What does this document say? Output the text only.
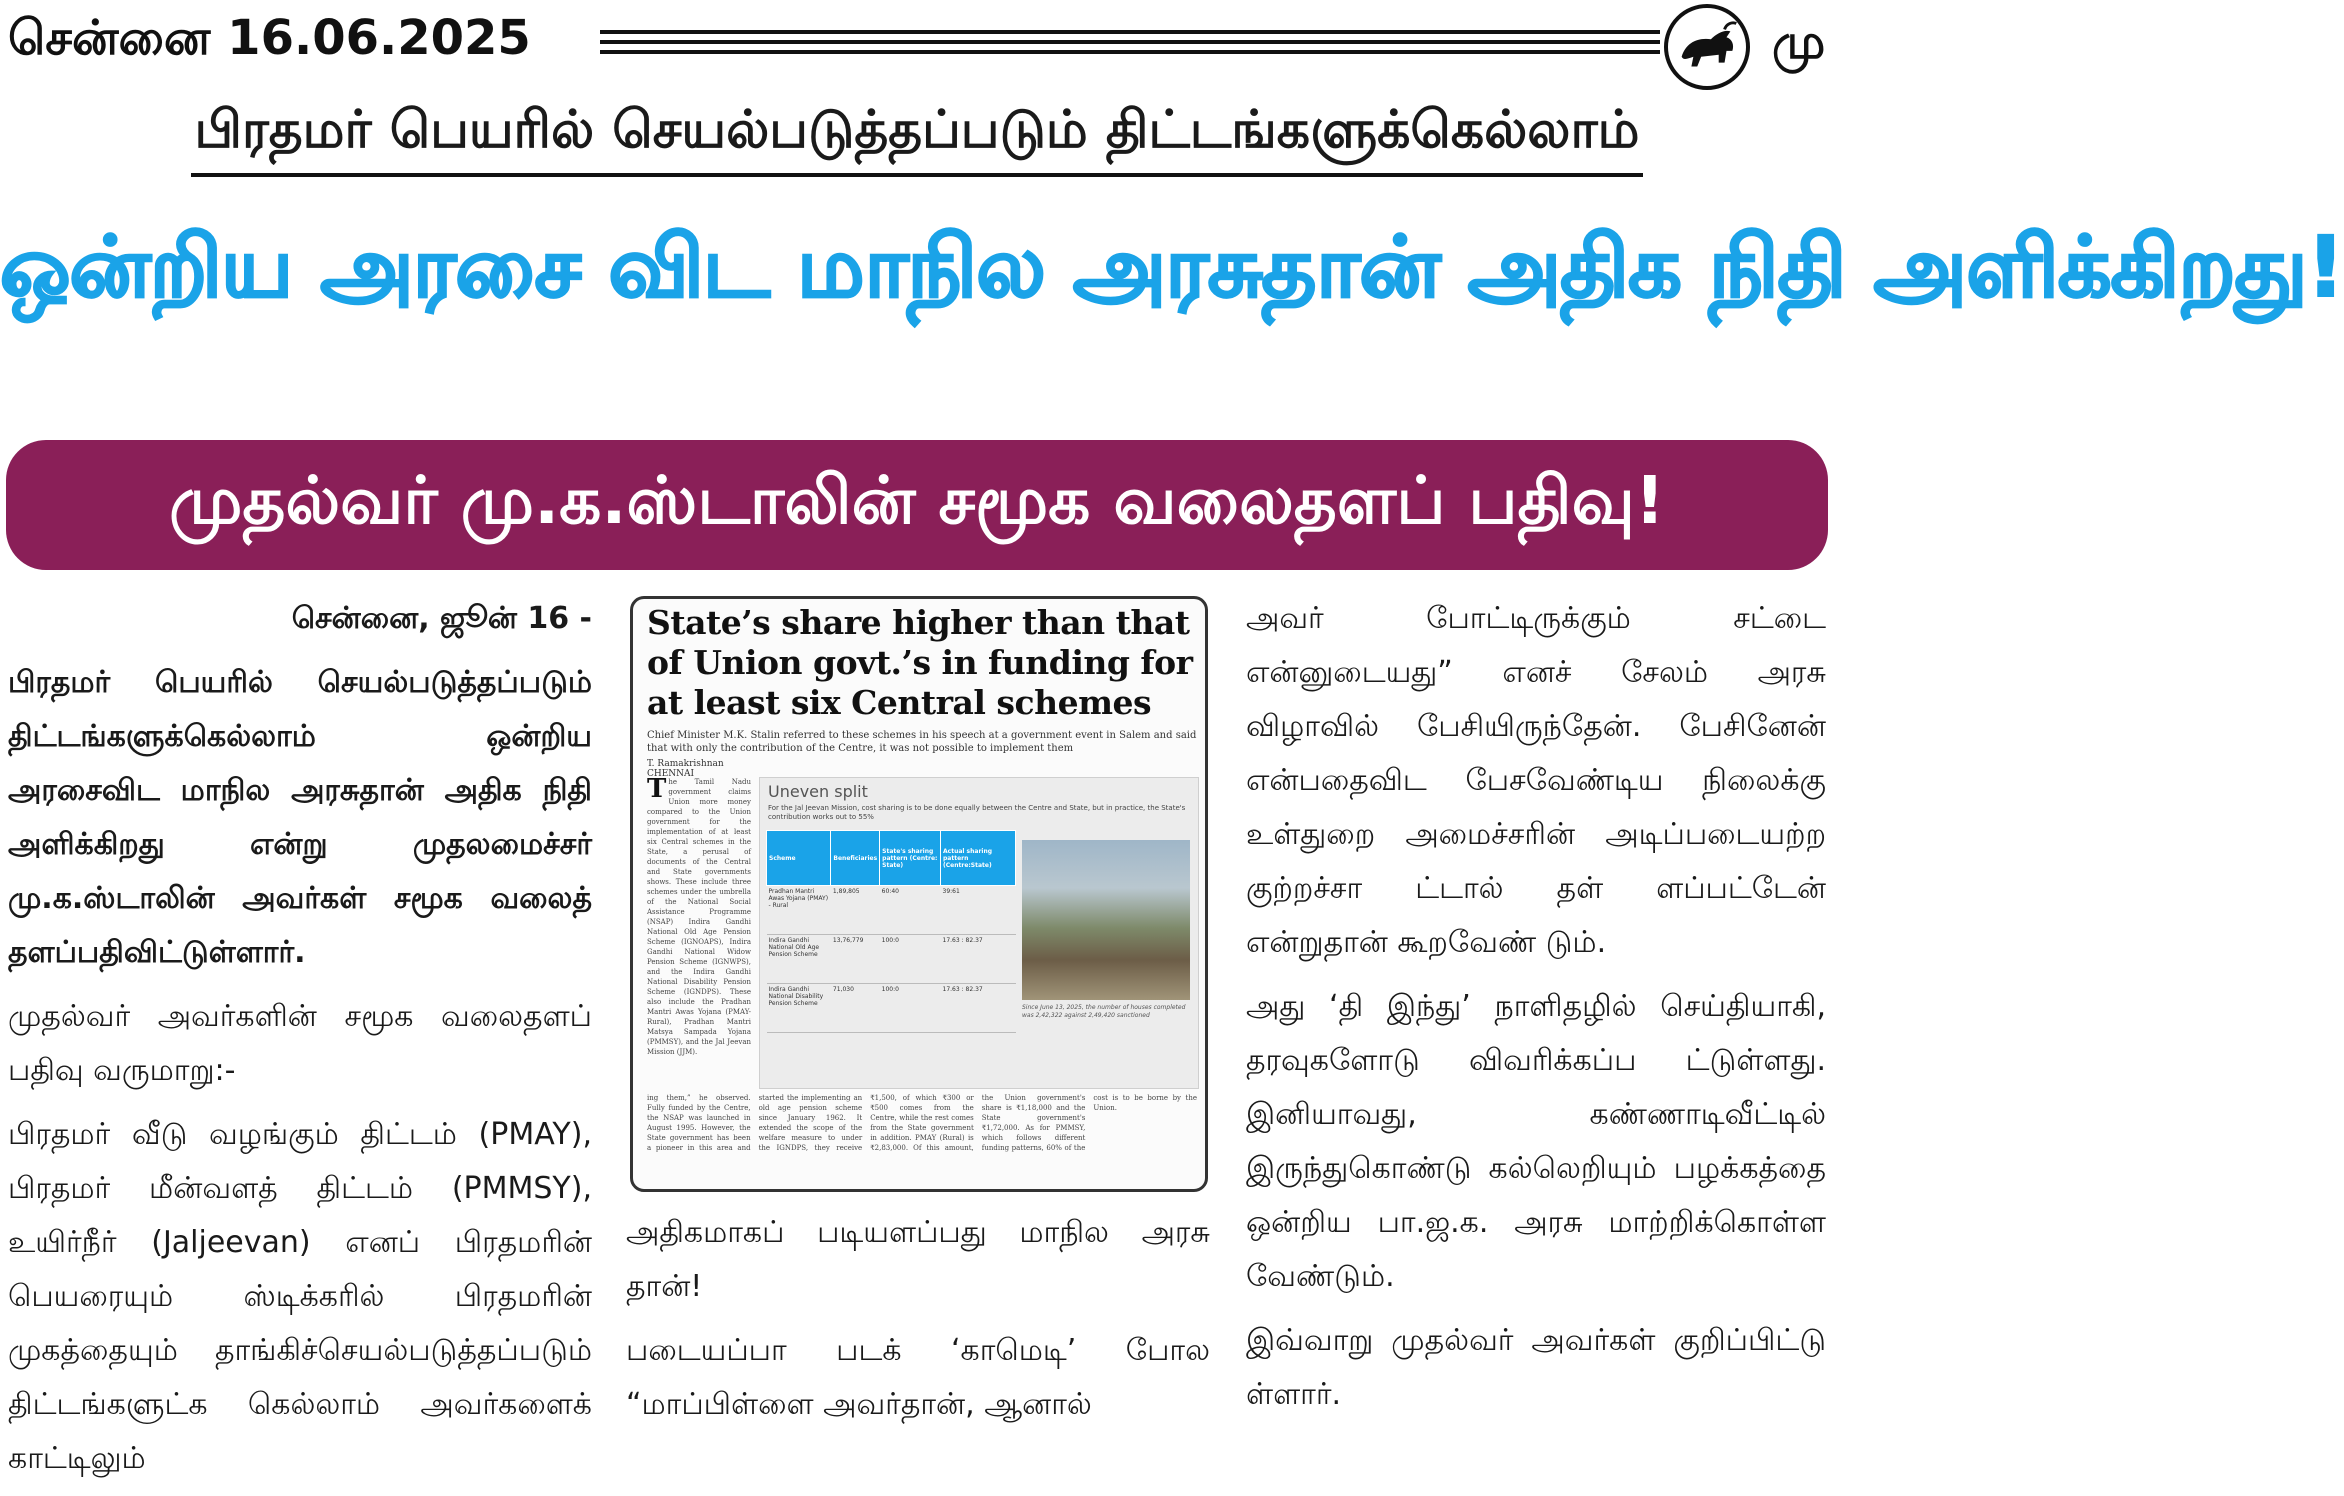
சென்னை 16.06.2025	மு
பிரதமர் பெயரில் செயல்படுத்தப்படும் திட்டங்களுக்கெல்லாம்
ஒன்றிய அரசை விட மாநில அரசுதான் அதிக நிதி அளிக்கிறது!
முதல்வர் மு.க.ஸ்டாலின் சமூக வலைதளப் பதிவு!

சென்னை, ஜூன் 16 -

பிரதமர் பெயரில் செயல்படுத்தப்படும் திட்டங்களுக்கெல்லாம் ஒன்றிய அரசைவிட மாநில அரசுதான் அதிக நிதி அளிக்கிறது என்று முதலமைச்சர் மு.க.ஸ்டாலின் அவர்கள் சமூக வலைத் தளப்பதிவிட்டுள்ளார்.

முதல்வர் அவர்களின் சமூக வலைதளப் பதிவு வருமாறு:-

பிரதமர் வீடு வழங்கும் திட்டம் (PMAY), பிரதமர் மீன்வளத் திட்டம் (PMMSY), உயிர்நீர் (Jaljeevan) எனப் பிரதமரின் பெயரையும் ஸ்டிக்கரில் பிரதமரின் முகத்தையும் தாங்கிச்செயல்படுத்தப்படும் திட்டங்களுட்க கெல்லாம் அவர்களைக் காட்டிலும்

State’s share higher than that of Union govt.’s in funding for at least six Central schemes
Chief Minister M.K. Stalin referred to these schemes in his speech at a government event in Salem and said that with only the contribution of the Centre, it was not possible to implement them
T. Ramakrishnan
CHENNAI
The Tamil Nadu government claims Union more money compared to the Union government for the implementation of at least six Central schemes in the State, a perusal of documents of the Central and State governments shows. These include three schemes under the umbrella of the National Social Assistance Programme (NSAP) Indira Gandhi National Old Age Pension Scheme (IGNOAPS), Indira Gandhi National Widow Pension Scheme (IGNWPS), and the Indira Gandhi National Disability Pension Scheme (IGNDPS). These also include the Pradhan Mantri Awas Yojana (PMAY-Rural), Pradhan Mantri Matsya Sampada Yojana (PMMSY), and the Jal Jeevan Mission (JJM).
Uneven split
For the Jal Jeevan Mission, cost sharing is to be done equally between the Centre and State, but in practice, the State's contribution works out to 55%
Scheme	Beneficiaries	State's sharing pattern (Centre: State)	Actual sharing pattern (Centre:State)
Pradhan Mantri Awas Yojana (PMAY) - Rural	1,89,805	60:40	39:61
Indira Gandhi National Old Age Pension Scheme	13,76,779	100:0	17.63 : 82.37
Indira Gandhi National Disability Pension Scheme	71,030	100:0	17.63 : 82.37
Since June 13, 2025, the number of houses completed was 2,42,322 against 2,49,420 sanctioned
ing them,” he observed. Fully funded by the Centre, the NSAP was launched in August 1995. However, the State government has been a pioneer in this area and started the implementing an old age pension scheme since January 1962. It extended the scope of the welfare measure to under the IGNDPS, they receive ₹1,500, of which ₹300 or ₹500 comes from the Centre, while the rest comes from the State government in addition. PMAY (Rural) is ₹2,83,000. Of this amount, the Union government's share is ₹1,18,000 and the State government's ₹1,72,000. As for PMMSY, which follows different funding patterns, 60% of the cost is to be borne by the Union.

அதிகமாகப் படியளப்பது மாநில அரசு தான்!

படையப்பா படக் ‘காமெடி’ போல “மாப்பிள்ளை அவர்தான், ஆனால்

அவர் போட்டிருக்கும் சட்டை என்னுடையது” எனச் சேலம் அரசு விழாவில் பேசியிருந்தேன். பேசினேன் என்பதைவிட பேசவேண்டிய நிலைக்கு உள்துறை அமைச்சரின் அடிப்படையற்ற குற்றச்சா ட்டால் தள் ளப்பட்டேன் என்றுதான் கூறவேண் டும்.

அது ‘தி இந்து’ நாளிதழில் செய்தியாகி, தரவுகளோடு விவரிக்கப்ப ட்டுள்ளது. இனியாவது, கண்ணாடிவீட்டில் இருந்துகொண்டு கல்லெறியும் பழக்கத்தை ஒன்றிய பா.ஜ.க. அரசு மாற்றிக்கொள்ள வேண்டும்.

இவ்வாறு முதல்வர் அவர்கள் குறிப்பிட்டு ள்ளார்.
